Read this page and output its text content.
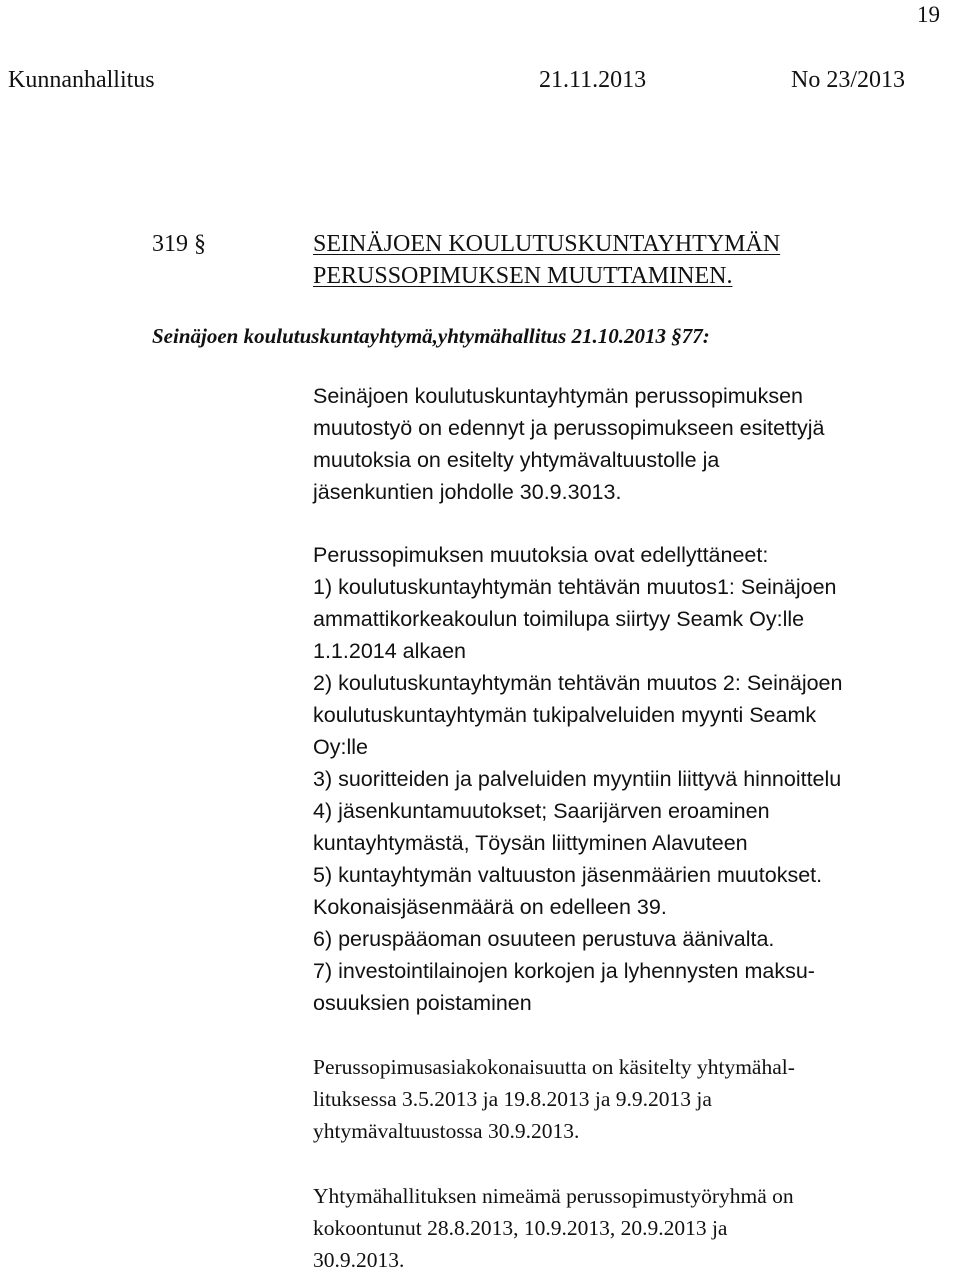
19
Kunnanhallitus	21.11.2013	No 23/2013
319 §	SEINÄJOEN KOULUTUSKUNTAYHTYMÄN
PERUSSOPIMUKSEN MUUTTAMINEN.
Seinäjoen koulutuskuntayhtymä,yhtymähallitus 21.10.2013 §77:
Seinäjoen koulutuskuntayhtymän perussopimuksen
muutostyö on edennyt ja perussopimukseen esitettyjä
muutoksia on esitelty yhtymävaltuustolle ja
jäsenkuntien johdolle 30.9.3013.
Perussopimuksen muutoksia ovat edellyttäneet:
1) koulutuskuntayhtymän tehtävän muutos1: Seinäjoen
ammattikorkeakoulun toimilupa siirtyy Seamk Oy:lle
1.1.2014 alkaen
2) koulutuskuntayhtymän tehtävän muutos 2: Seinäjoen
koulutuskuntayhtymän tukipalveluiden myynti Seamk
Oy:lle
3) suoritteiden ja palveluiden myyntiin liittyvä hinnoittelu
4) jäsenkuntamuutokset; Saarijärven eroaminen
kuntayhtymästä, Töysän liittyminen Alavuteen
5) kuntayhtymän valtuuston jäsenmäärien muutokset.
Kokonaisjäsenmäärä on edelleen 39.
6) peruspääoman osuuteen perustuva äänivalta.
7) investointilainojen korkojen ja lyhennysten maksu-
osuuksien poistaminen
Perussopimusasiakokonaisuutta on käsitelty yhtymähal-
lituksessa 3.5.2013 ja 19.8.2013 ja 9.9.2013 ja
yhtymävaltuustossa 30.9.2013.
Yhtymähallituksen nimeämä perussopimustyöryhmä on
kokoontunut 28.8.2013, 10.9.2013, 20.9.2013 ja
30.9.2013.
